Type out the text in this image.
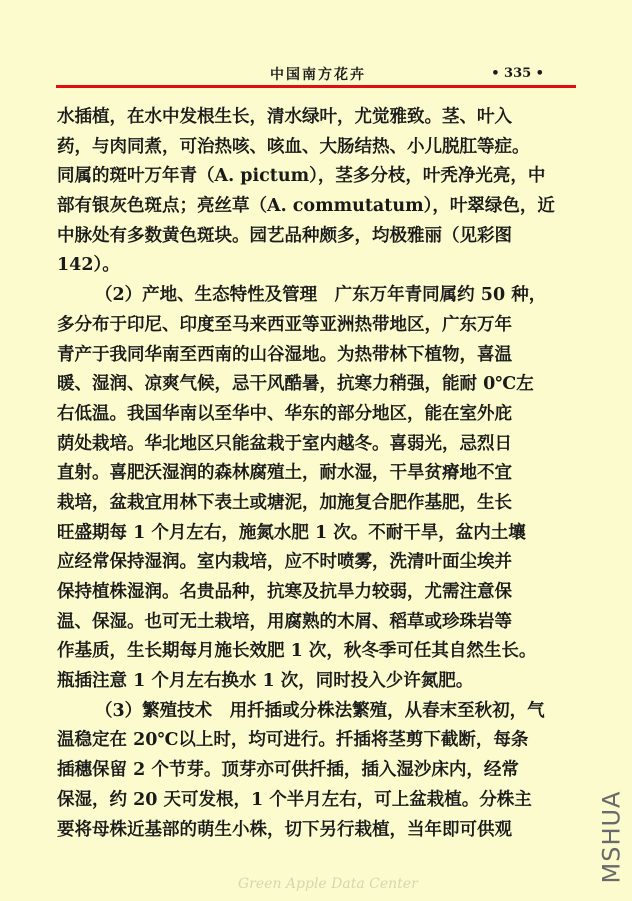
中国南方花卉	• 335 •
水插植，在水中发根生长，清水绿叶，尤觉雅致。茎、叶入
药，与肉同煮，可治热咳、咳血、大肠结热、小儿脱肛等症。
同属的斑叶万年青（A. pictum），茎多分枝，叶秃净光亮，中
部有银灰色斑点；亮丝草（A. commutatum），叶翠绿色，近
中脉处有多数黄色斑块。园艺品种颇多，均极雅丽（见彩图
142）。
（2）产地、生态特性及管理　广东万年青同属约 50 种，
多分布于印尼、印度至马来西亚等亚洲热带地区，广东万年
青产于我同华南至西南的山谷湿地。为热带林下植物，喜温
暖、湿润、凉爽气候，忌干风酷暑，抗寒力稍强，能耐 0℃左
右低温。我国华南以至华中、华东的部分地区，能在室外庇
荫处栽培。华北地区只能盆栽于室内越冬。喜弱光，忌烈日
直射。喜肥沃湿润的森林腐殖土，耐水湿，干旱贫瘠地不宜
栽培，盆栽宜用林下表土或塘泥，加施复合肥作基肥，生长
旺盛期每 1 个月左右，施氮水肥 1 次。不耐干旱，盆内土壤
应经常保持湿润。室内栽培，应不时喷雾，洗清叶面尘埃并
保持植株湿润。名贵品种，抗寒及抗旱力较弱，尤需注意保
温、保湿。也可无土栽培，用腐熟的木屑、稻草或珍珠岩等
作基质，生长期每月施长效肥 1 次，秋冬季可任其自然生长。
瓶插注意 1 个月左右换水 1 次，同时投入少许氮肥。
（3）繁殖技术　用扦插或分株法繁殖，从春末至秋初，气
温稳定在 20℃以上时，均可进行。扦插将茎剪下截断，每条
插穗保留 2 个节芽。顶芽亦可供扦插，插入湿沙床内，经常
保湿，约 20 天可发根，1 个半月左右，可上盆栽植。分株主
要将母株近基部的萌生小株，切下另行栽植，当年即可供观
Green Apple Data Center
MSHUA
